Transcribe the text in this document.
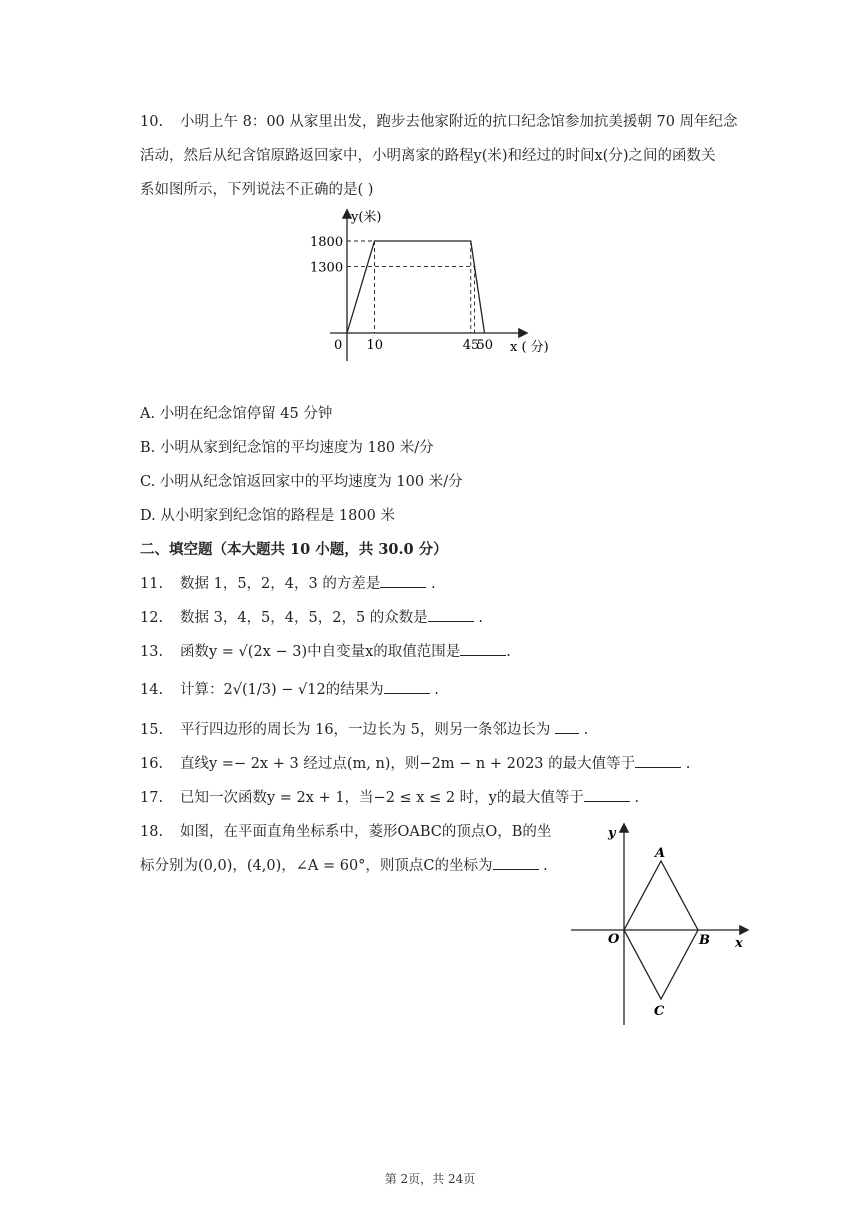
10. 小明上午 8：00 从家里出发，跑步去他家附近的抗口纪念馆参加抗美援朝 70 周年纪念
活动，然后从纪含馆原路返回家中，小明离家的路程y(米)和经过的时间x(分)之间的函数关
系如图所示，下列说法不正确的是( )
y(米)
x ( 分)
0 10	45
50
1800
1300
A. 小明在纪念馆停留 45 分钟
B. 小明从家到纪念馆的平均速度为 180 米/分
C. 小明从纪念馆返回家中的平均速度为 100 米/分
D. 从小明家到纪念馆的路程是 1800 米
二、填空题（本大题共 10 小题，共 30.0 分）
11. 数据 1，5，2，4，3 的方差是	.
12. 数据 3，4，5，4，5，2，5 的众数是	.
13. 函数y = √(2x − 3)中自变量x的取值范围是	.
14. 计算：2√(1/3) − √12的结果为	.
15. 平行四边形的周长为 16，一边长为 5，则另一条邻边长为  .
16. 直线y =− 2x + 3 经过点(m, n)，则−2m − n + 2023 的最大值等于	.
17. 已知一次函数y = 2x + 1，当−2 ≤ x ≤ 2 时，y的最大值等于	.
18. 如图，在平面直角坐标系中，菱形OABC的顶点O，B的坐
标分别为(0,0)，(4,0)，∠A = 60°，则顶点C的坐标为	.
y
x
O
A
B
C
第 2页，共 24页
